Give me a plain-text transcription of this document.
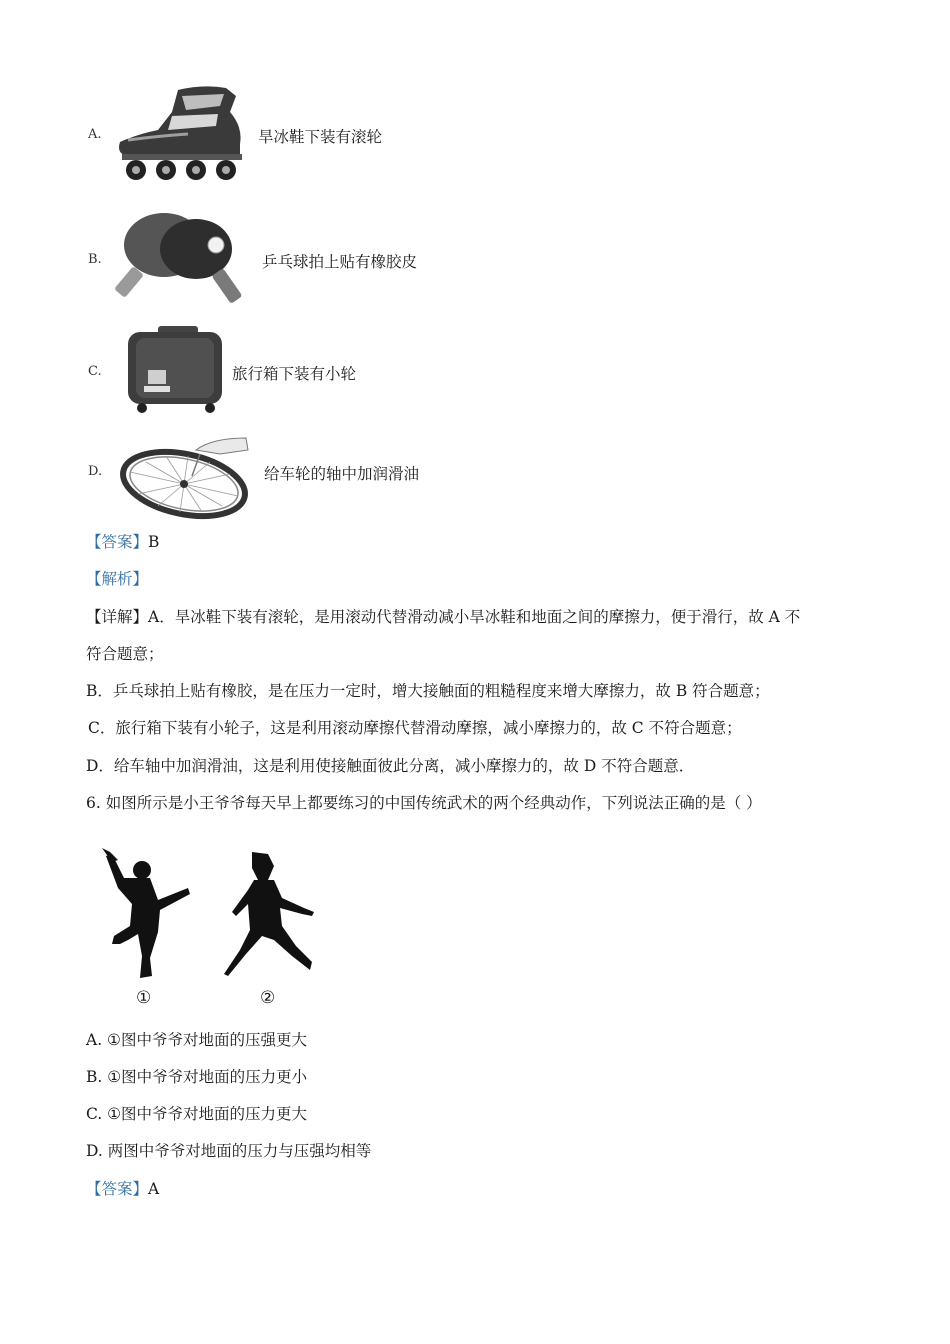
A.	旱冰鞋下装有滚轮
B.	乒乓球拍上贴有橡胶皮
C.	旅行箱下装有小轮
D.	给车轮的轴中加润滑油
【答案】B
【解析】
【详解】A．旱冰鞋下装有滚轮，是用滚动代替滑动减小旱冰鞋和地面之间的摩擦力，便于滑行，故 A 不
符合题意；
B．乒乓球拍上贴有橡胶，是在压力一定时，增大接触面的粗糙程度来增大摩擦力，故 B 符合题意；
C．旅行箱下装有小轮子，这是利用滚动摩擦代替滑动摩擦，减小摩擦力的，故 C 不符合题意；
D．给车轴中加润滑油，这是利用使接触面彼此分离，减小摩擦力的，故 D 不符合题意．
6. 如图所示是小王爷爷每天早上都要练习的中国传统武术的两个经典动作，下列说法正确的是（ ）
①	②
A. ①图中爷爷对地面的压强更大
B. ①图中爷爷对地面的压力更小
C. ①图中爷爷对地面的压力更大
D. 两图中爷爷对地面的压力与压强均相等
【答案】A
